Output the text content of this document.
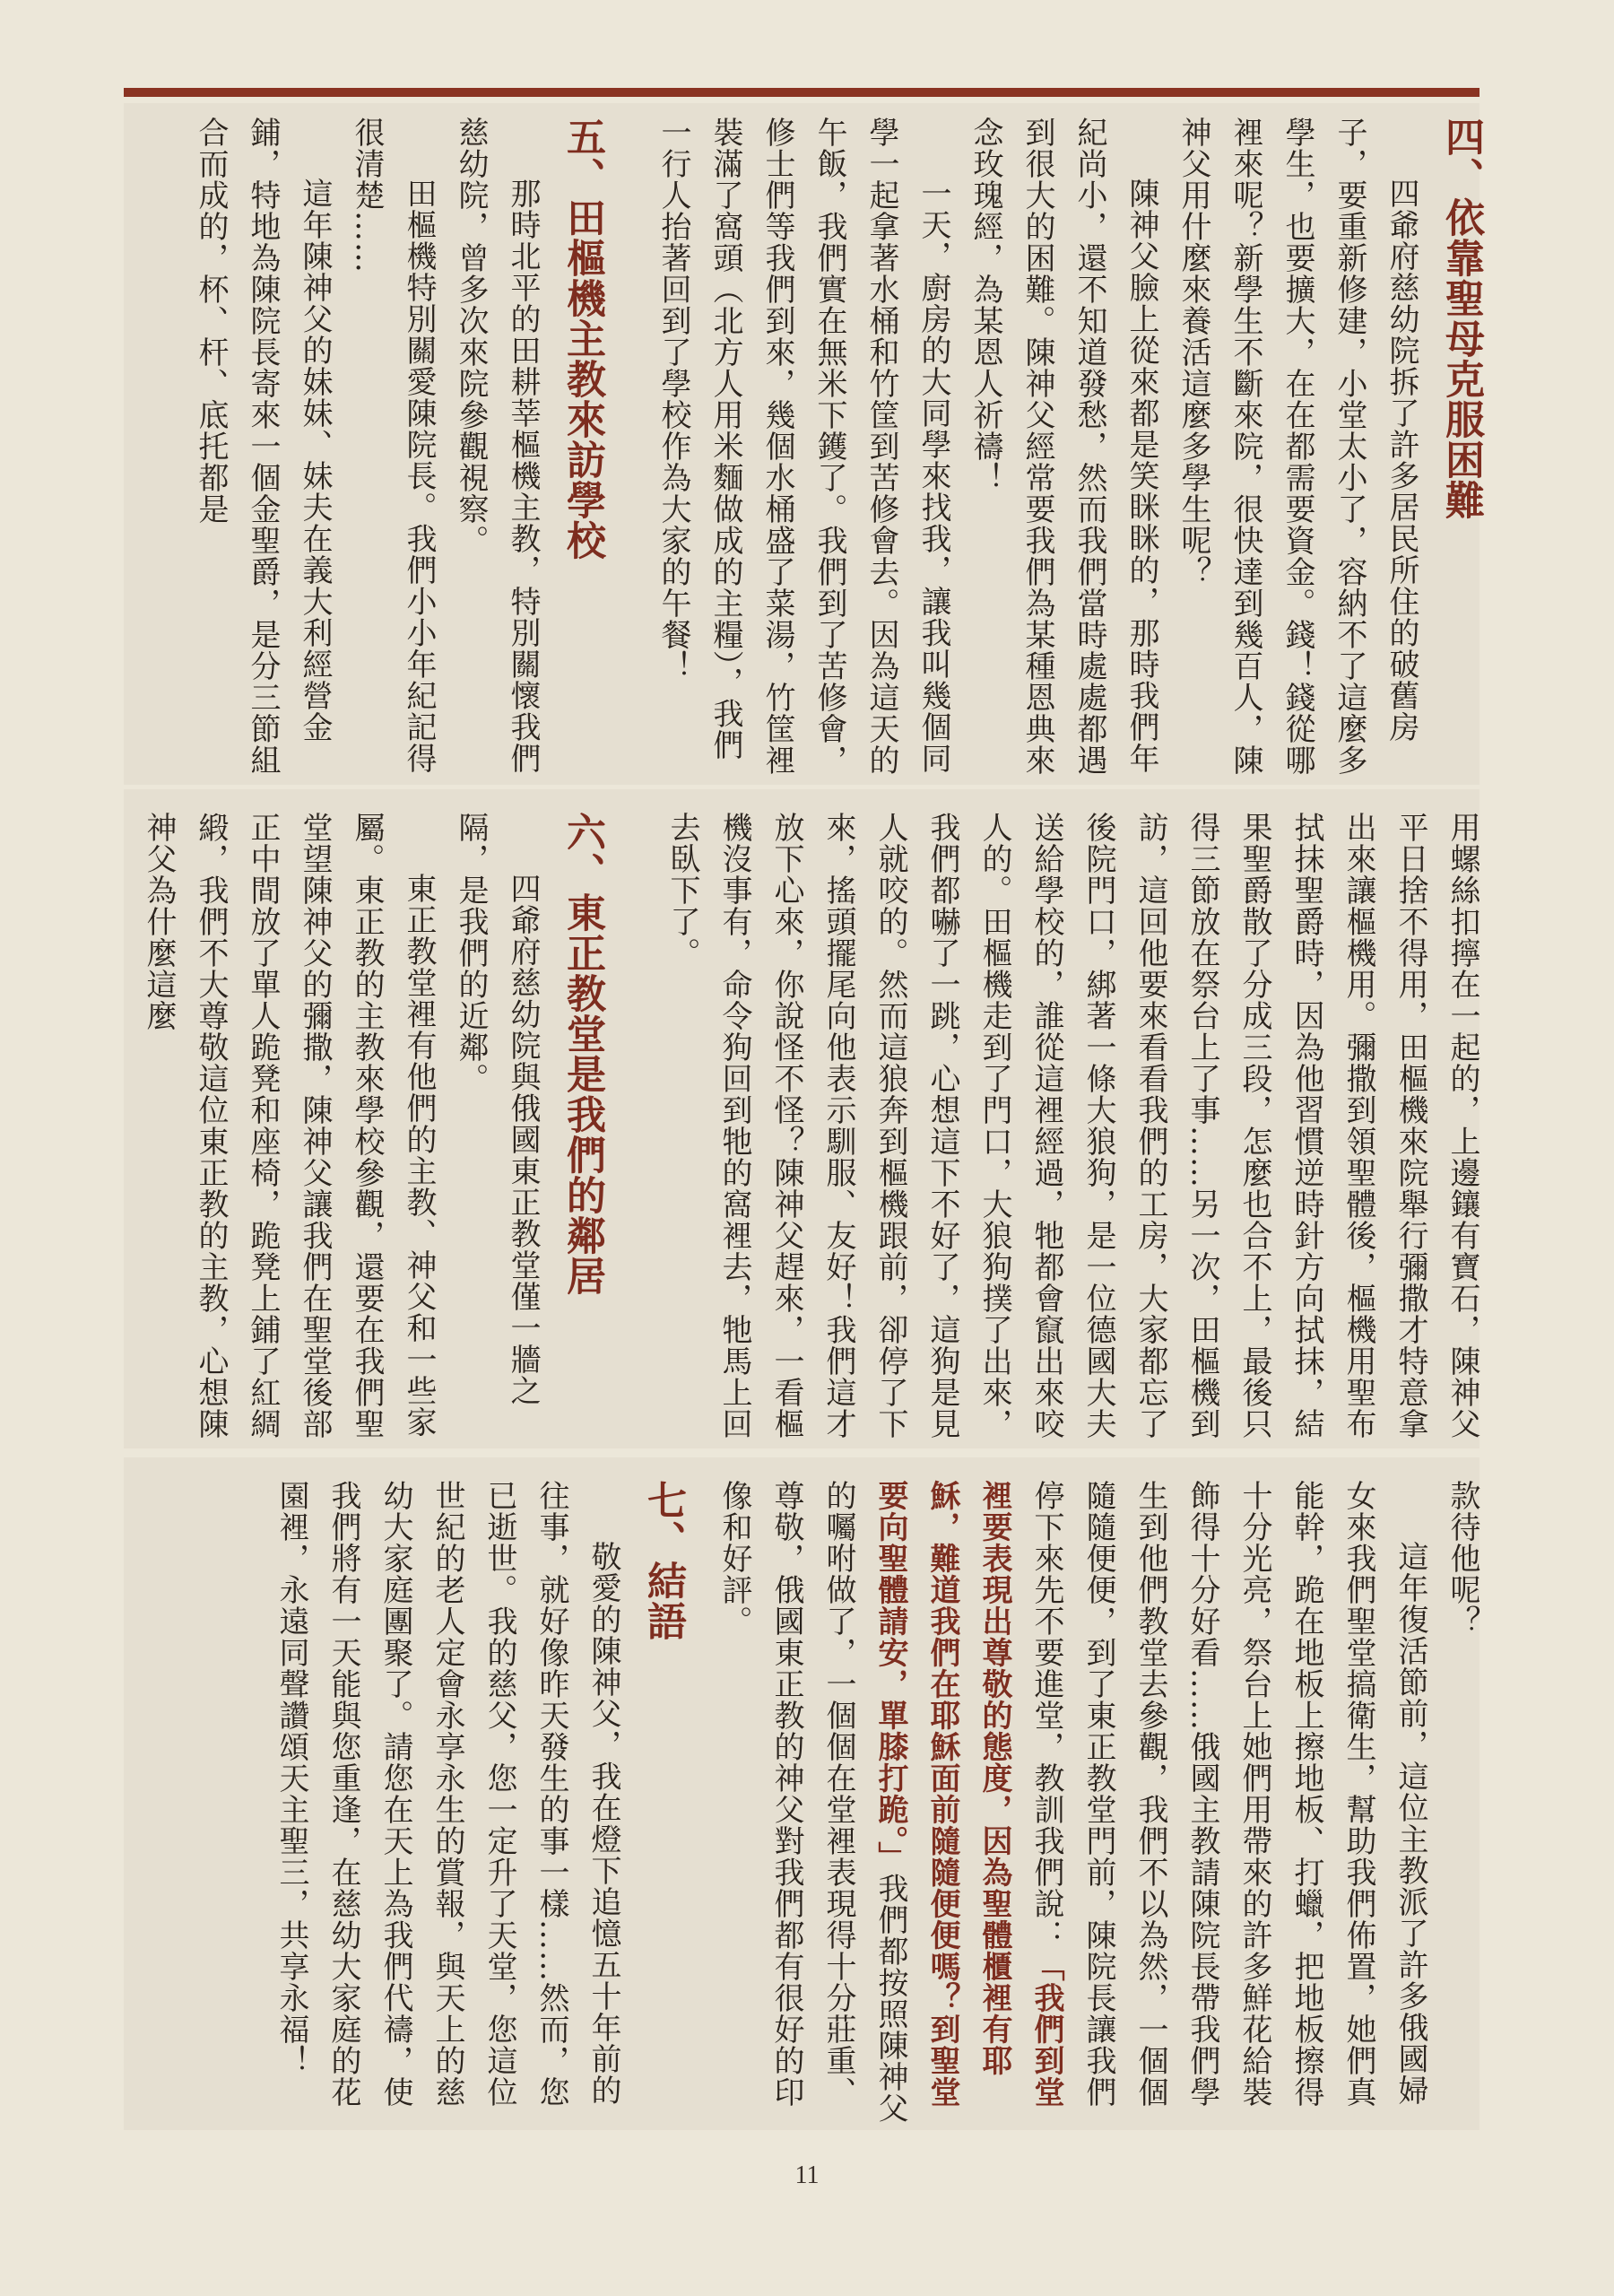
四、依靠聖母克服困難

四爺府慈幼院拆了許多居民所住的破舊房子，要重新修建，小堂太小了，容納不了這麼多學生，也要擴大，在在都需要資金。錢！錢從哪裡來呢？新學生不斷來院，很快達到幾百人，陳神父用什麼來養活這麼多學生呢？

陳神父臉上從來都是笑眯眯的，那時我們年紀尚小，還不知道發愁，然而我們當時處處都遇到很大的困難。陳神父經常要我們為某種恩典來念玫瑰經，為某恩人祈禱！

一天，廚房的大同學來找我，讓我叫幾個同學一起拿著水桶和竹筐到苦修會去。因為這天的午飯，我們實在無米下鑊了。我們到了苦修會，修士們等我們到來，幾個水桶盛了菜湯，竹筐裡裝滿了窩頭（北方人用米麵做成的主糧），我們一行人抬著回到了學校作為大家的午餐！

五、田樞機主教來訪學校

那時北平的田耕莘樞機主教，特別關懷我們慈幼院，曾多次來院參觀視察。

田樞機特別關愛陳院長。我們小小年紀記得很清楚……

這年陳神父的妹妹、妹夫在義大利經營金鋪，特地為陳院長寄來一個金聖爵，是分三節組合而成的，杯、杆、底托都是

用螺絲扣擰在一起的，上邊鑲有寶石，陳神父平日捨不得用，田樞機來院舉行彌撒才特意拿出來讓樞機用。彌撒到領聖體後，樞機用聖布拭抹聖爵時，因為他習慣逆時針方向拭抹，結果聖爵散了分成三段，怎麼也合不上，最後只得三節放在祭台上了事……另一次，田樞機到訪，這回他要來看看我們的工房，大家都忘了後院門口，綁著一條大狼狗，是一位德國大夫送給學校的，誰從這裡經過，牠都會竄出來咬人的。田樞機走到了門口，大狼狗撲了出來，我們都嚇了一跳，心想這下不好了，這狗是見人就咬的。然而這狼奔到樞機跟前，卻停了下來，搖頭擺尾向他表示馴服、友好！我們這才放下心來，你說怪不怪？陳神父趕來，一看樞機沒事有，命令狗回到牠的窩裡去，牠馬上回去臥下了。

六、東正教堂是我們的鄰居

四爺府慈幼院與俄國東正教堂僅一牆之隔，是我們的近鄰。

東正教堂裡有他們的主教、神父和一些家屬。東正教的主教來學校參觀，還要在我們聖堂望陳神父的彌撒，陳神父讓我們在聖堂後部正中間放了單人跪凳和座椅，跪凳上鋪了紅綢緞，我們不大尊敬這位東正教的主教，心想陳神父為什麼這麼

款待他呢？

這年復活節前，這位主教派了許多俄國婦女來我們聖堂搞衛生，幫助我們佈置，她們真能幹，跪在地板上擦地板、打蠟，把地板擦得十分光亮，祭台上她們用帶來的許多鮮花給裝飾得十分好看……俄國主教請陳院長帶我們學生到他們教堂去參觀，我們不以為然，一個個隨隨便便，到了東正教堂門前，陳院長讓我們停下來先不要進堂，教訓我們說：「我們到堂裡要表現出尊敬的態度，因為聖體櫃裡有耶穌，難道我們在耶穌面前隨隨便便嗎？到聖堂要向聖體請安，單膝打跪。」我們都按照陳神父的囑咐做了，一個個在堂裡表現得十分莊重、尊敬，俄國東正教的神父對我們都有很好的印像和好評。

七、結語

敬愛的陳神父，我在燈下追憶五十年前的往事，就好像昨天發生的事一樣……然而，您已逝世。我的慈父，您一定升了天堂，您這位世紀的老人定會永享永生的賞報，與天上的慈幼大家庭團聚了。請您在天上為我們代禱，使我們將有一天能與您重逢，在慈幼大家庭的花園裡，永遠同聲讚頌天主聖三，共享永福！

11
